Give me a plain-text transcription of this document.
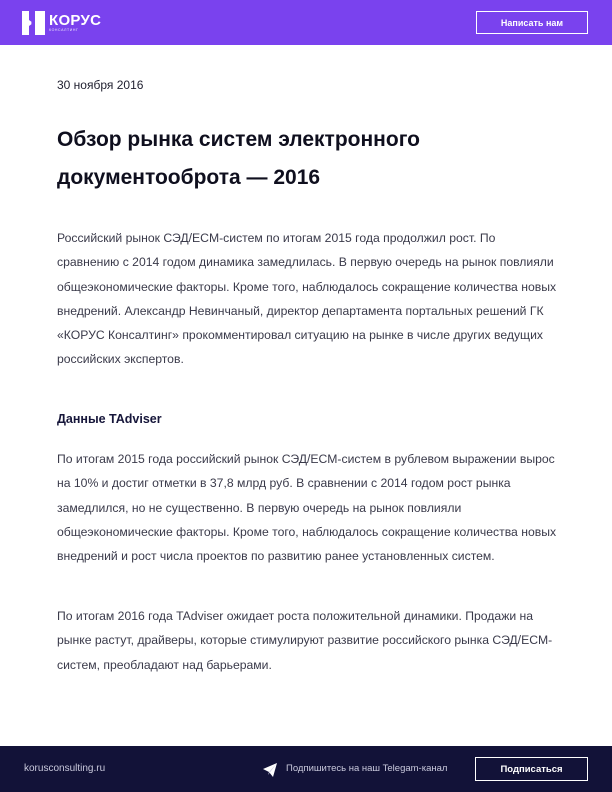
КОРУС
КОНСАЛТИНГ
Написать нам
30 ноября 2016
Обзор рынка систем электронного документооброта — 2016

Российский рынок СЭД/ECM-систем по итогам 2015 года продолжил рост. По сравнению с 2014 годом динамика замедлилась. В первую очередь на рынок повлияли общеэкономические факторы. Кроме того, наблюдалось сокращение количества новых внедрений. Александр Невинчаный, директор департамента портальных решений ГК «КОРУС Консалтинг» прокомментировал ситуацию на рынке в числе других ведущих российских экспертов.

Данные TAdviser

По итогам 2015 года российский рынок СЭД/ECM-систем в рублевом выражении вырос на 10% и достиг отметки в 37,8 млрд руб. В сравнении с 2014 годом рост рынка замедлился, но не существенно. В первую очередь на рынок повлияли общеэкономические факторы. Кроме того, наблюдалось сокращение количества новых внедрений и рост числа проектов по развитию ранее установленных систем.

По итогам 2016 года TAdviser ожидает роста положительной динамики. Продажи на рынке растут, драйверы, которые стимулируют развитие российского рынка СЭД/ECM-систем, преобладают над барьерами.

korusconsulting.ru	Подпишитесь на наш Telegam-канал	Подписаться
